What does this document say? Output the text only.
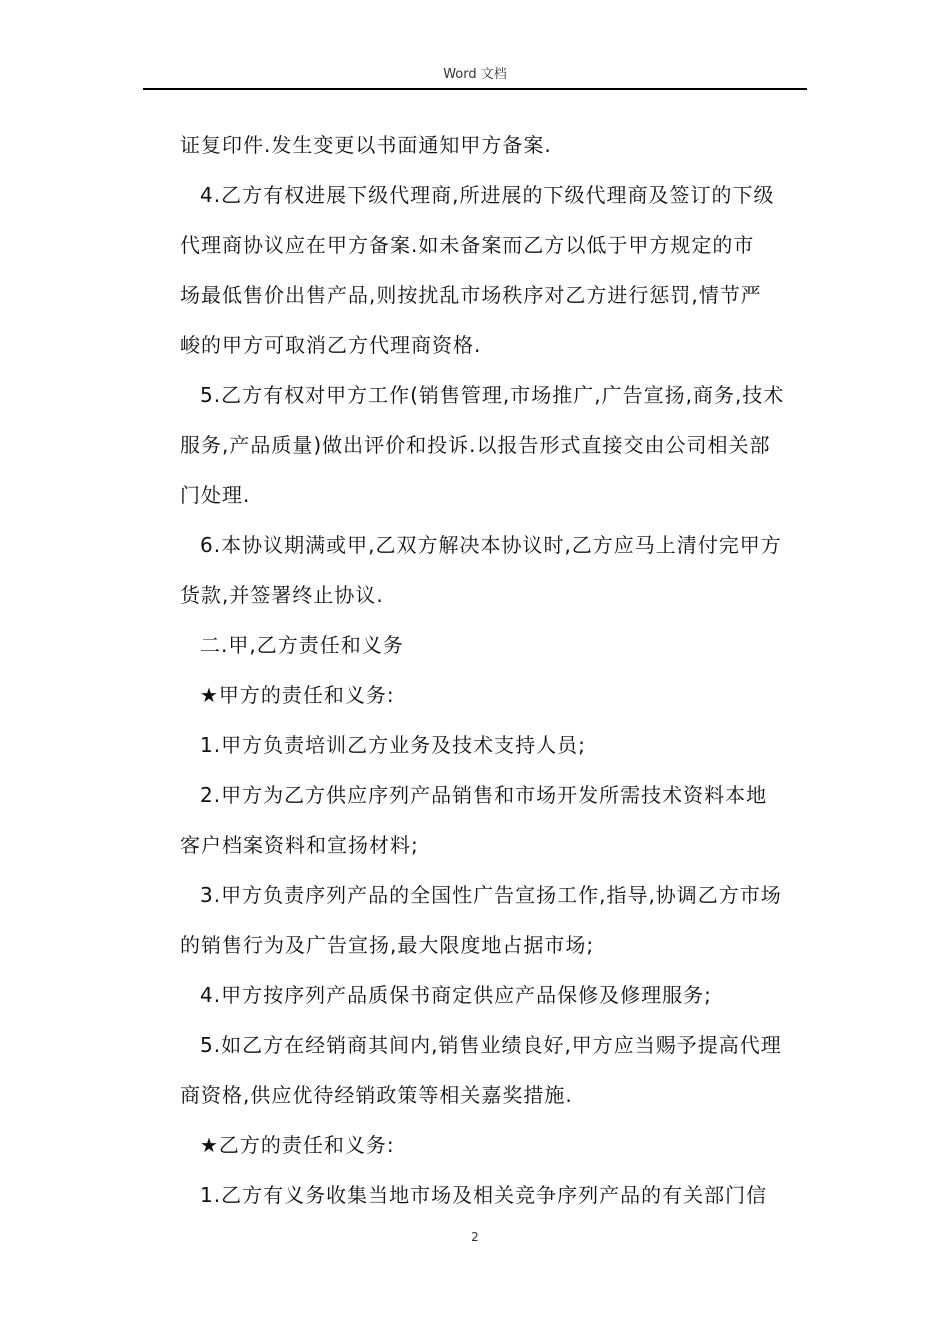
Word 文档

证复印件.发生变更以书面通知甲方备案.

4.乙方有权进展下级代理商,所进展的下级代理商及签订的下级

代理商协议应在甲方备案.如未备案而乙方以低于甲方规定的市

场最低售价出售产品,则按扰乱市场秩序对乙方进行惩罚,情节严

峻的甲方可取消乙方代理商资格.

5.乙方有权对甲方工作(销售管理,市场推广,广告宣扬,商务,技术

服务,产品质量)做出评价和投诉.以报告形式直接交由公司相关部

门处理.

6.本协议期满或甲,乙双方解决本协议时,乙方应马上清付完甲方

货款,并签署终止协议.

二.甲,乙方责任和义务

★甲方的责任和义务:

1.甲方负责培训乙方业务及技术支持人员;

2.甲方为乙方供应序列产品销售和市场开发所需技术资料本地

客户档案资料和宣扬材料;

3.甲方负责序列产品的全国性广告宣扬工作,指导,协调乙方市场

的销售行为及广告宣扬,最大限度地占据市场;

4.甲方按序列产品质保书商定供应产品保修及修理服务;

5.如乙方在经销商其间内,销售业绩良好,甲方应当赐予提高代理

商资格,供应优待经销政策等相关嘉奖措施.

★乙方的责任和义务:

1.乙方有义务收集当地市场及相关竞争序列产品的有关部门信

2
